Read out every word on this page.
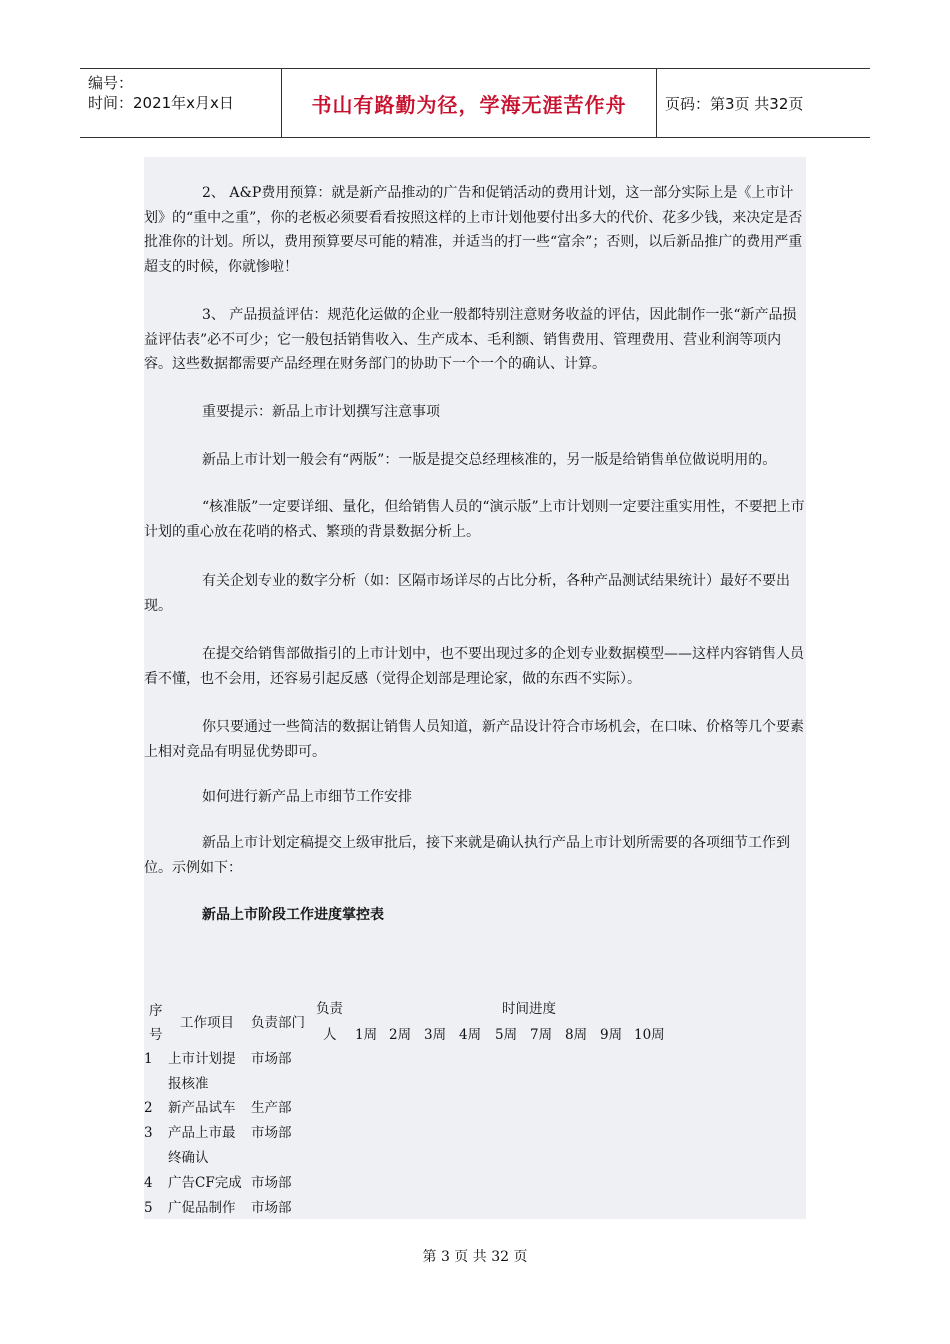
编号：
时间：2021年x月x日	书山有路勤为径，学海无涯苦作舟	页码：第3页 共32页

2、 A&P费用预算：就是新产品推动的广告和促销活动的费用计划，这一部分实际上是《上市计划》的“重中之重”，你的老板必须要看看按照这样的上市计划他要付出多大的代价、花多少钱，来决定是否批准你的计划。所以，费用预算要尽可能的精准，并适当的打一些“富余”；否则，以后新品推广的费用严重超支的时候，你就惨啦！

3、 产品损益评估：规范化运做的企业一般都特别注意财务收益的评估，因此制作一张“新产品损益评估表”必不可少；它一般包括销售收入、生产成本、毛利额、销售费用、管理费用、营业利润等项内容。这些数据都需要产品经理在财务部门的协助下一个一个的确认、计算。

重要提示：新品上市计划撰写注意事项

新品上市计划一般会有“两版”：一版是提交总经理核准的，另一版是给销售单位做说明用的。

“核准版”一定要详细、量化，但给销售人员的“演示版”上市计划则一定要注重实用性，不要把上市计划的重心放在花哨的格式、繁琐的背景数据分析上。

有关企划专业的数字分析（如：区隔市场详尽的占比分析，各种产品测试结果统计）最好不要出现。

在提交给销售部做指引的上市计划中，也不要出现过多的企划专业数据模型——这样内容销售人员看不懂，也不会用，还容易引起反感（觉得企划部是理论家，做的东西不实际）。

你只要通过一些简洁的数据让销售人员知道，新产品设计符合市场机会，在口味、价格等几个要素上相对竞品有明显优势即可。

如何进行新产品上市细节工作安排

新品上市计划定稿提交上级审批后，接下来就是确认执行产品上市计划所需要的各项细节工作到位。示例如下：

新品上市阶段工作进度掌控表

序
号
工作项目 负责部门
负责
人
时间进度
1周 2周 3周 4周 5周 7周 8周 9周 10周
1 上市计划提
报核准
市场部
2 新产品试车 生产部
3 产品上市最
终确认
市场部
4 广告CF完成 市场部
5 广促品制作 市场部
第 3 页 共 32 页
